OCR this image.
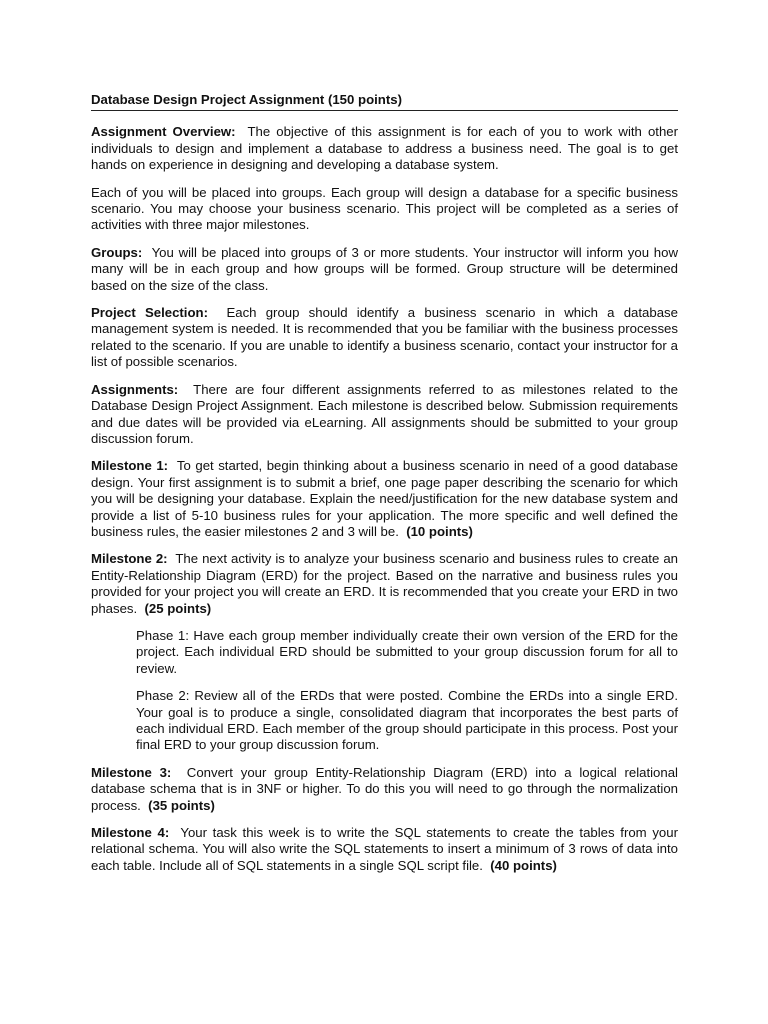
Database Design Project Assignment (150 points)

Assignment Overview: The objective of this assignment is for each of you to work with other individuals to design and implement a database to address a business need. The goal is to get hands on experience in designing and developing a database system.

Each of you will be placed into groups. Each group will design a database for a specific business scenario. You may choose your business scenario. This project will be completed as a series of activities with three major milestones.

Groups: You will be placed into groups of 3 or more students. Your instructor will inform you how many will be in each group and how groups will be formed. Group structure will be determined based on the size of the class.

Project Selection: Each group should identify a business scenario in which a database management system is needed. It is recommended that you be familiar with the business processes related to the scenario. If you are unable to identify a business scenario, contact your instructor for a list of possible scenarios.

Assignments: There are four different assignments referred to as milestones related to the Database Design Project Assignment. Each milestone is described below. Submission requirements and due dates will be provided via eLearning. All assignments should be submitted to your group discussion forum.

Milestone 1: To get started, begin thinking about a business scenario in need of a good database design. Your first assignment is to submit a brief, one page paper describing the scenario for which you will be designing your database. Explain the need/justification for the new database system and provide a list of 5-10 business rules for your application. The more specific and well defined the business rules, the easier milestones 2 and 3 will be. (10 points)

Milestone 2: The next activity is to analyze your business scenario and business rules to create an Entity-Relationship Diagram (ERD) for the project. Based on the narrative and business rules you provided for your project you will create an ERD. It is recommended that you create your ERD in two phases. (25 points)

Phase 1: Have each group member individually create their own version of the ERD for the project. Each individual ERD should be submitted to your group discussion forum for all to review.

Phase 2: Review all of the ERDs that were posted. Combine the ERDs into a single ERD. Your goal is to produce a single, consolidated diagram that incorporates the best parts of each individual ERD. Each member of the group should participate in this process. Post your final ERD to your group discussion forum.

Milestone 3: Convert your group Entity-Relationship Diagram (ERD) into a logical relational database schema that is in 3NF or higher. To do this you will need to go through the normalization process. (35 points)

Milestone 4: Your task this week is to write the SQL statements to create the tables from your relational schema. You will also write the SQL statements to insert a minimum of 3 rows of data into each table. Include all of SQL statements in a single SQL script file. (40 points)
